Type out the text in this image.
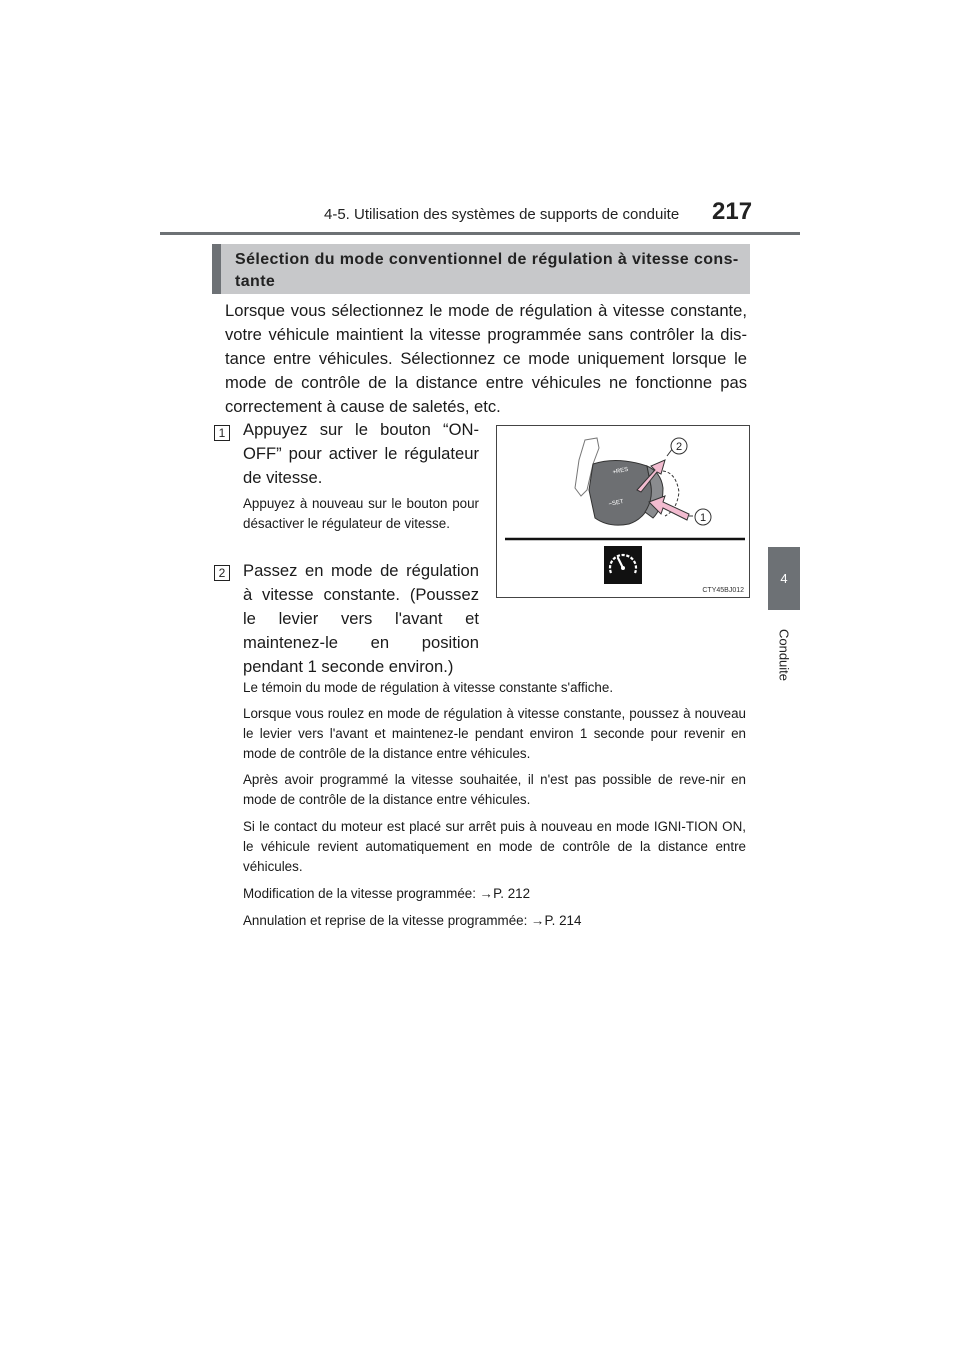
4-5. Utilisation des systèmes de supports de conduite 217
4
Conduite
Sélection du mode conventionnel de régulation à vitesse cons-
tante
Lorsque vous sélectionnez le mode de régulation à vitesse constante, votre véhicule maintient la vitesse programmée sans contrôler la dis-tance entre véhicules. Sélectionnez ce mode uniquement lorsque le mode de contrôle de la distance entre véhicules ne fonctionne pas correctement à cause de saletés, etc.
1 Appuyez sur le bouton “ON-OFF” pour activer le régulateur de vitesse.
Appuyez à nouveau sur le bouton pour désactiver le régulateur de vitesse.
2 Passez en mode de régulation à vitesse constante. (Poussez le levier vers l'avant et maintenez-le en position pendant 1 seconde environ.)
+RES
−SET
2
1
CTY45BJ012
Le témoin du mode de régulation à vitesse constante s'affiche.
Lorsque vous roulez en mode de régulation à vitesse constante, poussez à nouveau le levier vers l'avant et maintenez-le pendant environ 1 seconde pour revenir en mode de contrôle de la distance entre véhicules.
Après avoir programmé la vitesse souhaitée, il n'est pas possible de reve-nir en mode de contrôle de la distance entre véhicules.
Si le contact du moteur est placé sur arrêt puis à nouveau en mode IGNI-TION ON, le véhicule revient automatiquement en mode de contrôle de la distance entre véhicules.
Modification de la vitesse programmée: →P. 212
Annulation et reprise de la vitesse programmée: →P. 214
